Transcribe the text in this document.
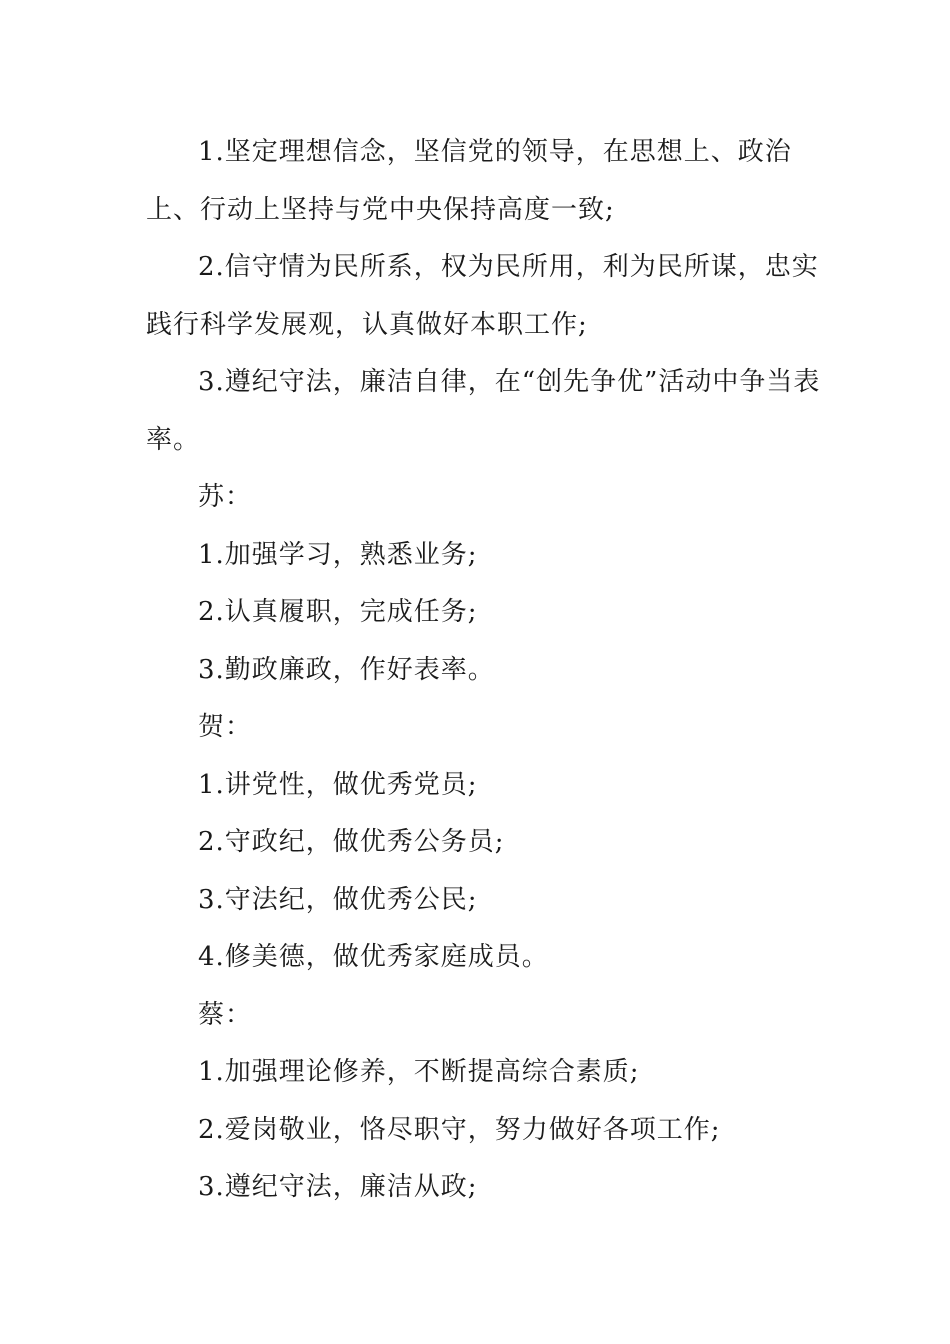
1.坚定理想信念，坚信党的领导，在思想上、政治上、行动上坚持与党中央保持高度一致;

2.信守情为民所系，权为民所用，利为民所谋，忠实践行科学发展观，认真做好本职工作;

3.遵纪守法，廉洁自律，在“创先争优”活动中争当表率。

苏：

1.加强学习，熟悉业务;

2.认真履职，完成任务;

3.勤政廉政，作好表率。

贺：

1.讲党性，做优秀党员;

2.守政纪，做优秀公务员;

3.守法纪，做优秀公民;

4.修美德，做优秀家庭成员。

蔡：

1.加强理论修养，不断提高综合素质;

2.爱岗敬业，恪尽职守，努力做好各项工作;

3.遵纪守法，廉洁从政;
